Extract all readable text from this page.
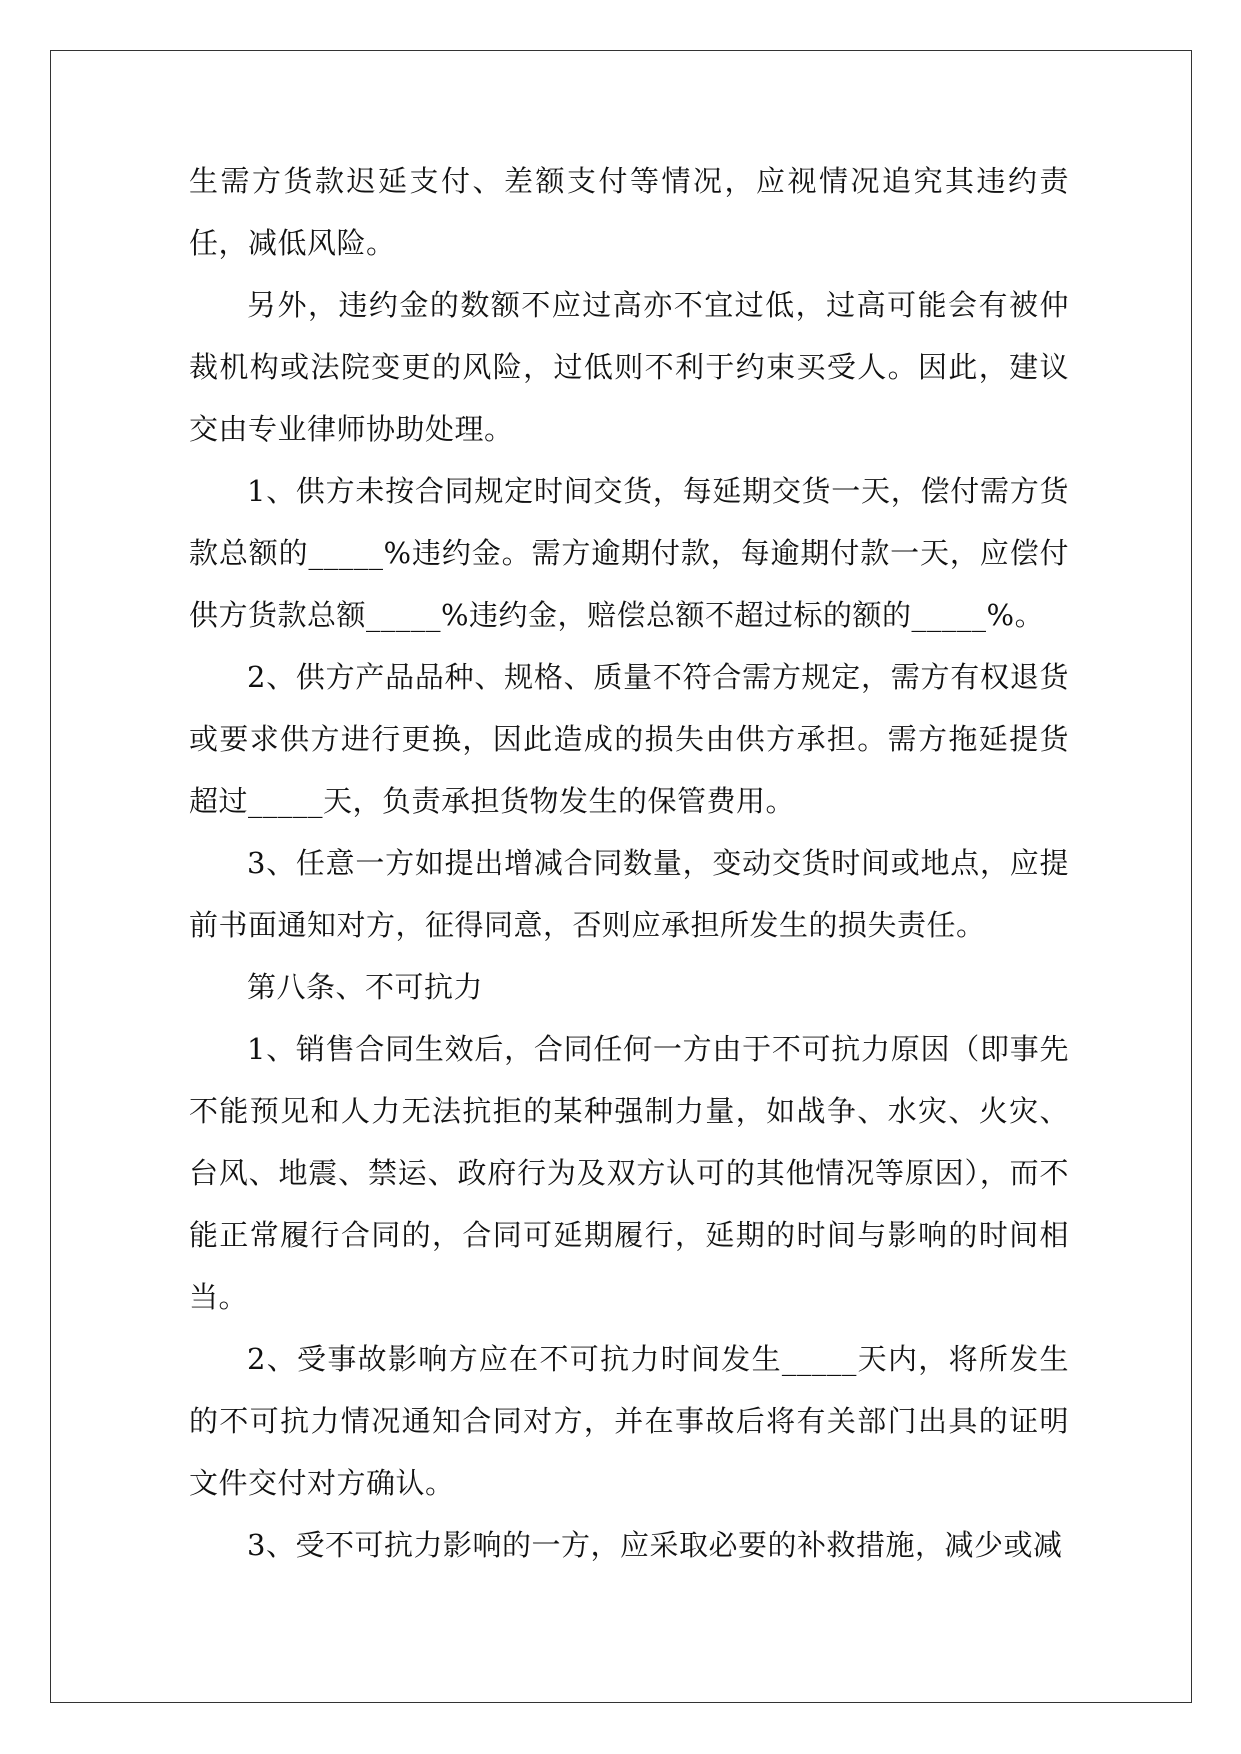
生需方货款迟延支付、差额支付等情况，应视情况追究其违约责任，减低风险。

另外，违约金的数额不应过高亦不宜过低，过高可能会有被仲裁机构或法院变更的风险，过低则不利于约束买受人。因此，建议交由专业律师协助处理。

1、供方未按合同规定时间交货，每延期交货一天，偿付需方货款总额的_____%违约金。需方逾期付款，每逾期付款一天，应偿付供方货款总额_____%违约金，赔偿总额不超过标的额的_____%。

2、供方产品品种、规格、质量不符合需方规定，需方有权退货或要求供方进行更换，因此造成的损失由供方承担。需方拖延提货超过_____天，负责承担货物发生的保管费用。

3、任意一方如提出增减合同数量，变动交货时间或地点，应提前书面通知对方，征得同意，否则应承担所发生的损失责任。

第八条、不可抗力

1、销售合同生效后，合同任何一方由于不可抗力原因（即事先不能预见和人力无法抗拒的某种强制力量，如战争、水灾、火灾、台风、地震、禁运、政府行为及双方认可的其他情况等原因），而不能正常履行合同的，合同可延期履行，延期的时间与影响的时间相当。

2、受事故影响方应在不可抗力时间发生_____天内，将所发生的不可抗力情况通知合同对方，并在事故后将有关部门出具的证明文件交付对方确认。

3、受不可抗力影响的一方，应采取必要的补救措施，减少或减
